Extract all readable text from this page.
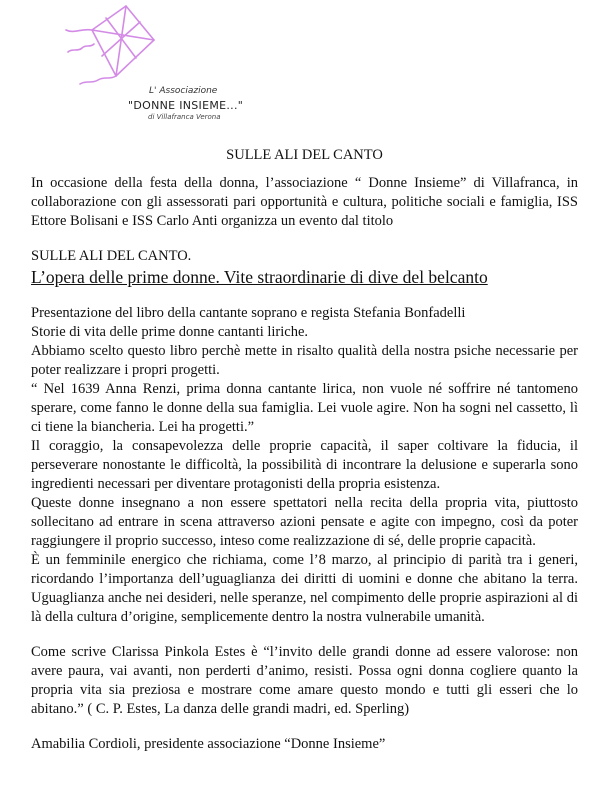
L' Associazione
"DONNE INSIEME..."
di Villafranca Verona
SULLE ALI DEL CANTO

In occasione della festa della donna, l’associazione “ Donne Insieme” di Villafranca, in collaborazione con gli assessorati pari opportunità e cultura, politiche sociali e famiglia, ISS Ettore Bolisani e ISS Carlo Anti organizza un evento dal titolo

SULLE ALI DEL CANTO.

L’opera delle prime donne. Vite straordinarie di dive del belcanto

Presentazione del libro della cantante soprano e regista Stefania Bonfadelli

Storie di vita delle prime donne cantanti liriche.

Abbiamo scelto questo libro perchè mette in risalto qualità della nostra psiche necessarie per poter realizzare i propri progetti.

“ Nel 1639 Anna Renzi, prima donna cantante lirica, non vuole né soffrire né tantomeno sperare, come fanno le donne della sua famiglia. Lei vuole agire. Non ha sogni nel cassetto, lì ci tiene la biancheria. Lei ha progetti.”

Il coraggio, la consapevolezza delle proprie capacità, il saper coltivare la fiducia, il perseverare nonostante le difficoltà, la possibilità di incontrare la delusione e superarla sono ingredienti necessari per diventare protagonisti della propria esistenza.

Queste donne insegnano a non essere spettatori nella recita della propria vita, piuttosto sollecitano ad entrare in scena attraverso azioni pensate e agite con impegno, così da poter raggiungere il proprio successo, inteso come realizzazione di sé, delle proprie capacità.

È un femminile energico che richiama, come l’8 marzo, al principio di parità tra i generi, ricordando l’importanza dell’uguaglianza dei diritti di uomini e donne che abitano la terra. Uguaglianza anche nei desideri, nelle speranze, nel compimento delle proprie aspirazioni al di là della cultura d’origine, semplicemente dentro la nostra vulnerabile umanità.

Come scrive Clarissa Pinkola Estes è “l’invito delle grandi donne ad essere valorose: non avere paura, vai avanti, non perderti d’animo, resisti. Possa ogni donna cogliere quanto la propria vita sia preziosa e mostrare come amare questo mondo e tutti gli esseri che lo abitano.” ( C. P. Estes, La danza delle grandi madri, ed. Sperling)

Amabilia Cordioli, presidente associazione “Donne Insieme”
